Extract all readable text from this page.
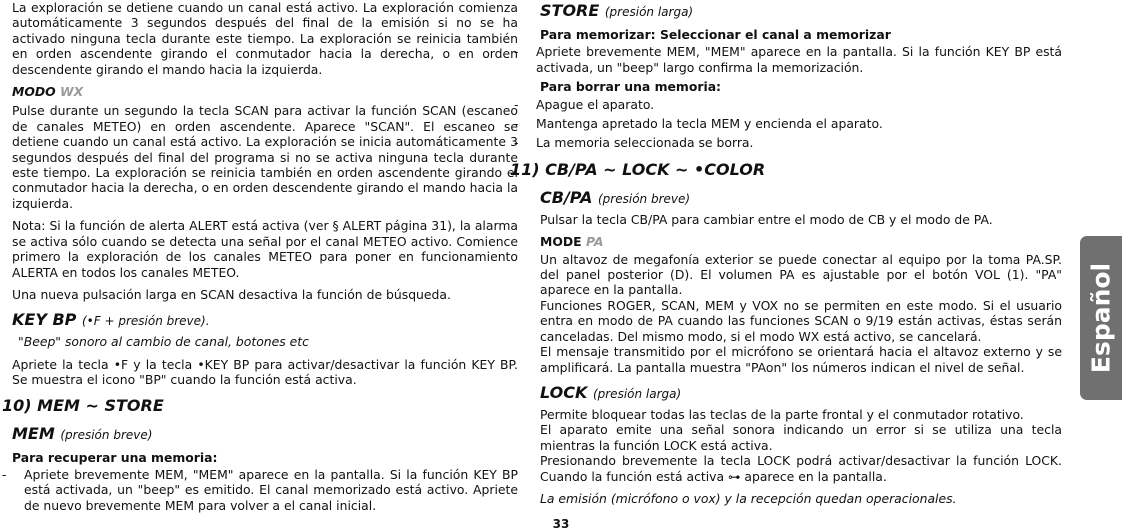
La exploración se detiene cuando un canal está activo. La exploración comienza automáticamente 3 segundos después del final de la emisión si no se ha activado ninguna tecla durante este tiempo. La exploración se reinicia también en orden ascendente girando el conmutador hacia la derecha, o en orden descendente girando el mando hacia la izquierda.

MODO WX

Pulse durante un segundo la tecla SCAN para activar la función SCAN (escaneo de canales METEO) en orden ascendente. Aparece "SCAN". El escaneo se detiene cuando un canal está activo. La exploración se inicia automáticamente 3 segundos después del final del programa si no se activa ninguna tecla durante este tiempo. La exploración se reinicia también en orden ascendente girando el conmutador hacia la derecha, o en orden descendente girando el mando hacia la izquierda.

Nota: Si la función de alerta ALERT está activa (ver § ALERT página 31), la alarma se activa sólo cuando se detecta una señal por el canal METEO activo. Comience primero la exploración de los canales METEO para poner en funcionamiento ALERTA en todos los canales METEO.

Una nueva pulsación larga en SCAN desactiva la función de búsqueda.

KEY BP (•F + presión breve).

"Beep" sonoro al cambio de canal, botones etc

Apriete la tecla •F y la tecla •KEY BP para activar/desactivar la función KEY BP. Se muestra el icono "BP" cuando la función está activa.

10) MEM ~ STORE
MEM (presión breve)
Para recuperar una memoria:
- Apriete brevemente MEM, "MEM" aparece en la pantalla. Si la función KEY BP está activada, un "beep" es emitido. El canal memorizado está activo. Apriete de nuevo brevemente MEM para volver a el canal inicial.
STORE (presión larga)
Para memorizar: Seleccionar el canal a memorizar
- Apriete brevemente MEM, "MEM" aparece en la pantalla. Si la función KEY BP está activada, un "beep" largo confirma la memorización.
Para borrar una memoria:
- Apague el aparato.
- Mantenga apretado la tecla MEM y encienda el aparato.
- La memoria seleccionada se borra.
11) CB/PA ~ LOCK ~ •COLOR
CB/PA (presión breve)

Pulsar la tecla CB/PA para cambiar entre el modo de CB y el modo de PA.

MODE PA

Un altavoz de megafonía exterior se puede conectar al equipo por la toma PA.SP. del panel posterior (D). El volumen PA es ajustable por el botón VOL (1). "PA" aparece en la pantalla.

Funciones ROGER, SCAN, MEM y VOX no se permiten en este modo. Si el usuario entra en modo de PA cuando las funciones SCAN o 9/19 están activas, éstas serán canceladas. Del mismo modo, si el modo WX está activo, se cancelará.

El mensaje transmitido por el micrófono se orientará hacia el altavoz externo y se amplificará. La pantalla muestra "PAon" los números indican el nivel de señal.

LOCK (presión larga)

Permite bloquear todas las teclas de la parte frontal y el conmutador rotativo.

El aparato emite una señal sonora indicando un error si se utiliza una tecla mientras la función LOCK está activa.

Presionando brevemente la tecla LOCK podrá activar/desactivar la función LOCK. Cuando la función está activa ⊶ aparece en la pantalla.

La emisión (micrófono o vox) y la recepción quedan operacionales.

Español
33
